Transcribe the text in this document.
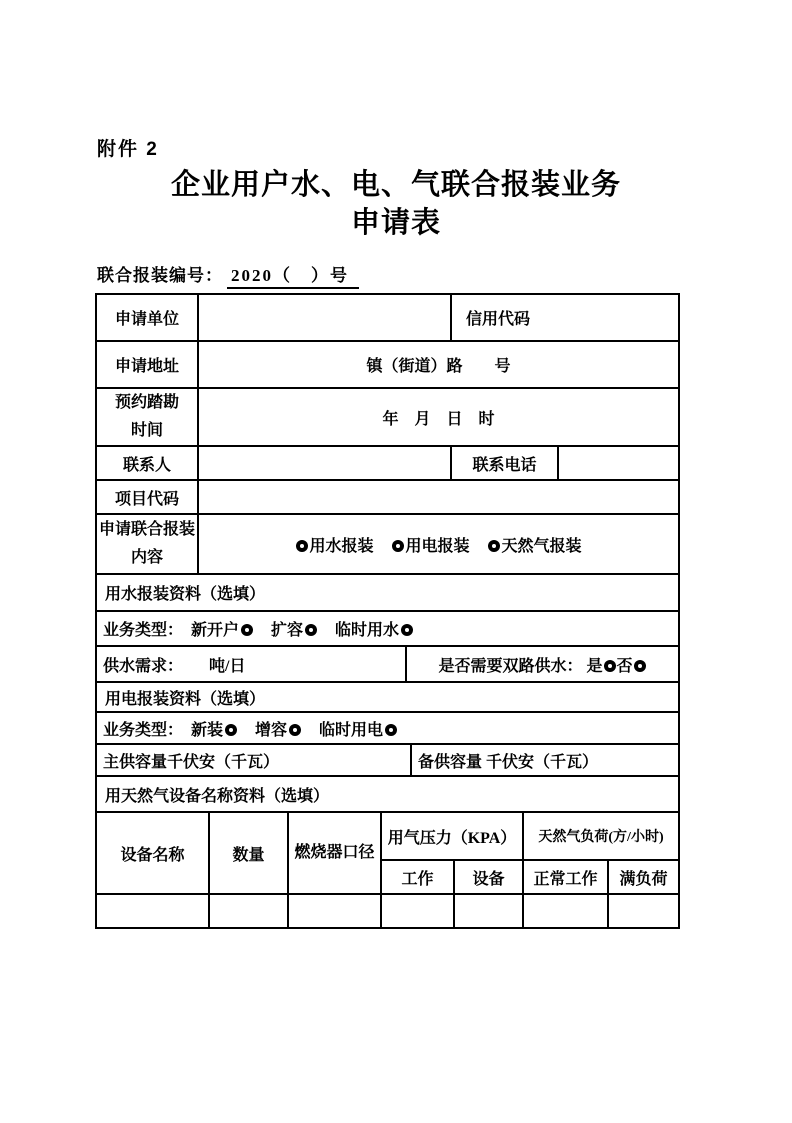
附件 2
企业用户水、电、气联合报装业务
申请表
联合报装编号： 2020（　）号
申请单位				信用代码	
申请地址	镇（街道）路　　号				

预约踏勘
时间	年　月　日　时				
联系人				联系电话	
项目代码					

申请联合报装
内容	用水报装 用电报装 天然气报装				
用水报装资料（选填）					
业务类型： 新开户 扩容 临时用水					
供水需求： 吨/日		是否需要双路供水： 是 否			
用电报装资料（选填）					
业务类型： 新装 增容 临时用电					
主供容量千伏安（千瓦）			备供容量 千伏安（千瓦）		
用天然气设备名称资料（选填）					
设备名称	数量	燃烧器口径	用气压力（KPA）		天然气负荷(方/小时)	
			工作	设备	正常工作	满负荷
